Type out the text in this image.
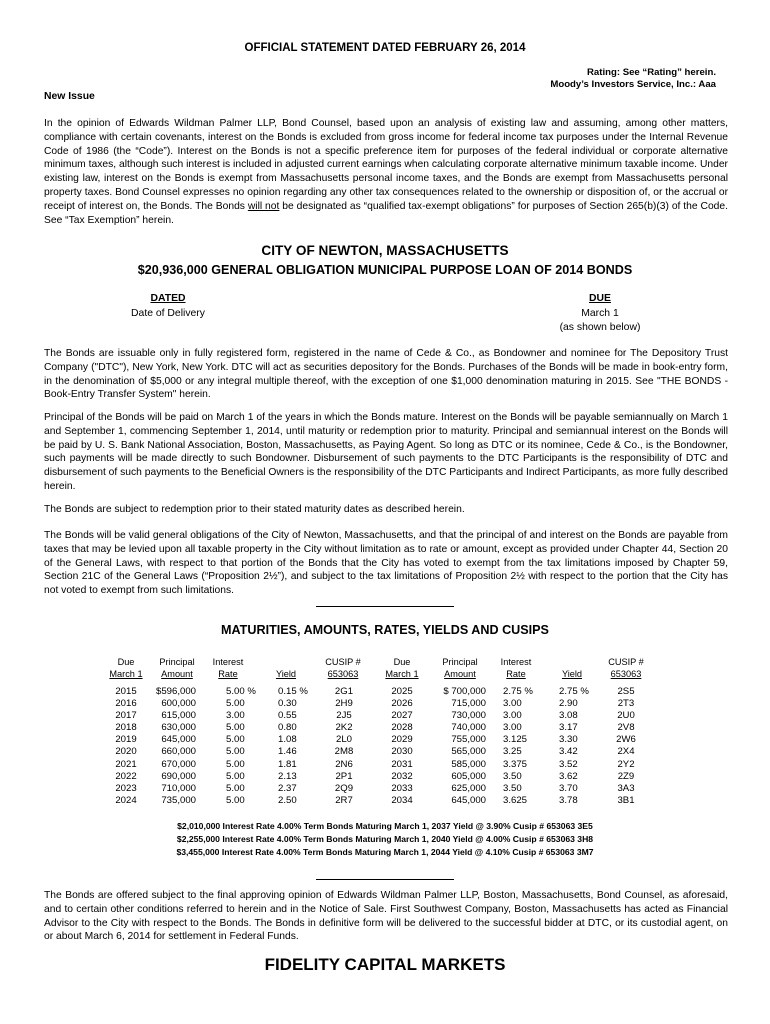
OFFICIAL STATEMENT DATED FEBRUARY 26, 2014
Rating: See “Rating” herein.
Moody’s Investors Service, Inc.: Aaa
New Issue
In the opinion of Edwards Wildman Palmer LLP, Bond Counsel, based upon an analysis of existing law and assuming, among other matters, compliance with certain covenants, interest on the Bonds is excluded from gross income for federal income tax purposes under the Internal Revenue Code of 1986 (the “Code”). Interest on the Bonds is not a specific preference item for purposes of the federal individual or corporate alternative minimum taxes, although such interest is included in adjusted current earnings when calculating corporate alternative minimum taxable income. Under existing law, interest on the Bonds is exempt from Massachusetts personal income taxes, and the Bonds are exempt from Massachusetts personal property taxes. Bond Counsel expresses no opinion regarding any other tax consequences related to the ownership or disposition of, or the accrual or receipt of interest on, the Bonds. The Bonds will not be designated as “qualified tax-exempt obligations” for purposes of Section 265(b)(3) of the Code. See “Tax Exemption” herein.
CITY OF NEWTON, MASSACHUSETTS
$20,936,000 GENERAL OBLIGATION MUNICIPAL PURPOSE LOAN OF 2014 BONDS
DATED
Date of Delivery
DUE
March 1
(as shown below)
The Bonds are issuable only in fully registered form, registered in the name of Cede & Co., as Bondowner and nominee for The Depository Trust Company ("DTC"), New York, New York. DTC will act as securities depository for the Bonds. Purchases of the Bonds will be made in book-entry form, in the denomination of $5,000 or any integral multiple thereof, with the exception of one $1,000 denomination maturing in 2015. See "THE BONDS - Book-Entry Transfer System" herein.
Principal of the Bonds will be paid on March 1 of the years in which the Bonds mature. Interest on the Bonds will be payable semiannually on March 1 and September 1, commencing September 1, 2014, until maturity or redemption prior to maturity. Principal and semiannual interest on the Bonds will be paid by U. S. Bank National Association, Boston, Massachusetts, as Paying Agent. So long as DTC or its nominee, Cede & Co., is the Bondowner, such payments will be made directly to such Bondowner. Disbursement of such payments to the DTC Participants is the responsibility of DTC and disbursement of such payments to the Beneficial Owners is the responsibility of the DTC Participants and Indirect Participants, as more fully described herein.
The Bonds are subject to redemption prior to their stated maturity dates as described herein.
The Bonds will be valid general obligations of the City of Newton, Massachusetts, and that the principal of and interest on the Bonds are payable from taxes that may be levied upon all taxable property in the City without limitation as to rate or amount, except as provided under Chapter 44, Section 20 of the General Laws, with respect to that portion of the Bonds that the City has voted to exempt from the tax limitations imposed by Chapter 59, Section 21C of the General Laws (“Proposition 2½”), and subject to the tax limitations of Proposition 2½ with respect to the portion that the City has not voted to exempt from such limitations.
MATURITIES, AMOUNTS, RATES, YIELDS AND CUSIPS
Due
March 1
Principal
Amount
Interest
Rate	Yield
CUSIP #
653063
Due
March 1
Principal
Amount
Interest
Rate	Yield
CUSIP #
653063
2015
2016
2017
2018
2019
2020
2021
2022
2023
2024
$596,000
600,000
615,000
630,000
645,000
660,000
670,000
690,000
710,000
735,000
5.00 %
5.00
3.00
5.00
5.00
5.00
5.00
5.00
5.00
5.00
0.15 %
0.30
0.55
0.80
1.08
1.46
1.81
2.13
2.37
2.50
2G1
2H9
2J5
2K2
2L0
2M8
2N6
2P1
2Q9
2R7
2025
2026
2027
2028
2029
2030
2031
2032
2033
2034
$ 700,000
715,000
730,000
740,000
755,000
565,000
585,000
605,000
625,000
645,000
2.75 %
3.00
3.00
3.00
3.125
3.25
3.375
3.50
3.50
3.625
2.75 %
2.90
3.08
3.17
3.30
3.42
3.52
3.62
3.70
3.78
2S5
2T3
2U0
2V8
2W6
2X4
2Y2
2Z9
3A3
3B1
$2,010,000 Interest Rate 4.00% Term Bonds Maturing March 1, 2037 Yield @ 3.90% Cusip # 653063 3E5
$2,255,000 Interest Rate 4.00% Term Bonds Maturing March 1, 2040 Yield @ 4.00% Cusip # 653063 3H8
$3,455,000 Interest Rate 4.00% Term Bonds Maturing March 1, 2044 Yield @ 4.10% Cusip # 653063 3M7
The Bonds are offered subject to the final approving opinion of Edwards Wildman Palmer LLP, Boston, Massachusetts, Bond Counsel, as aforesaid, and to certain other conditions referred to herein and in the Notice of Sale. First Southwest Company, Boston, Massachusetts has acted as Financial Advisor to the City with respect to the Bonds. The Bonds in definitive form will be delivered to the successful bidder at DTC, or its custodial agent, on or about March 6, 2014 for settlement in Federal Funds.
FIDELITY CAPITAL MARKETS
